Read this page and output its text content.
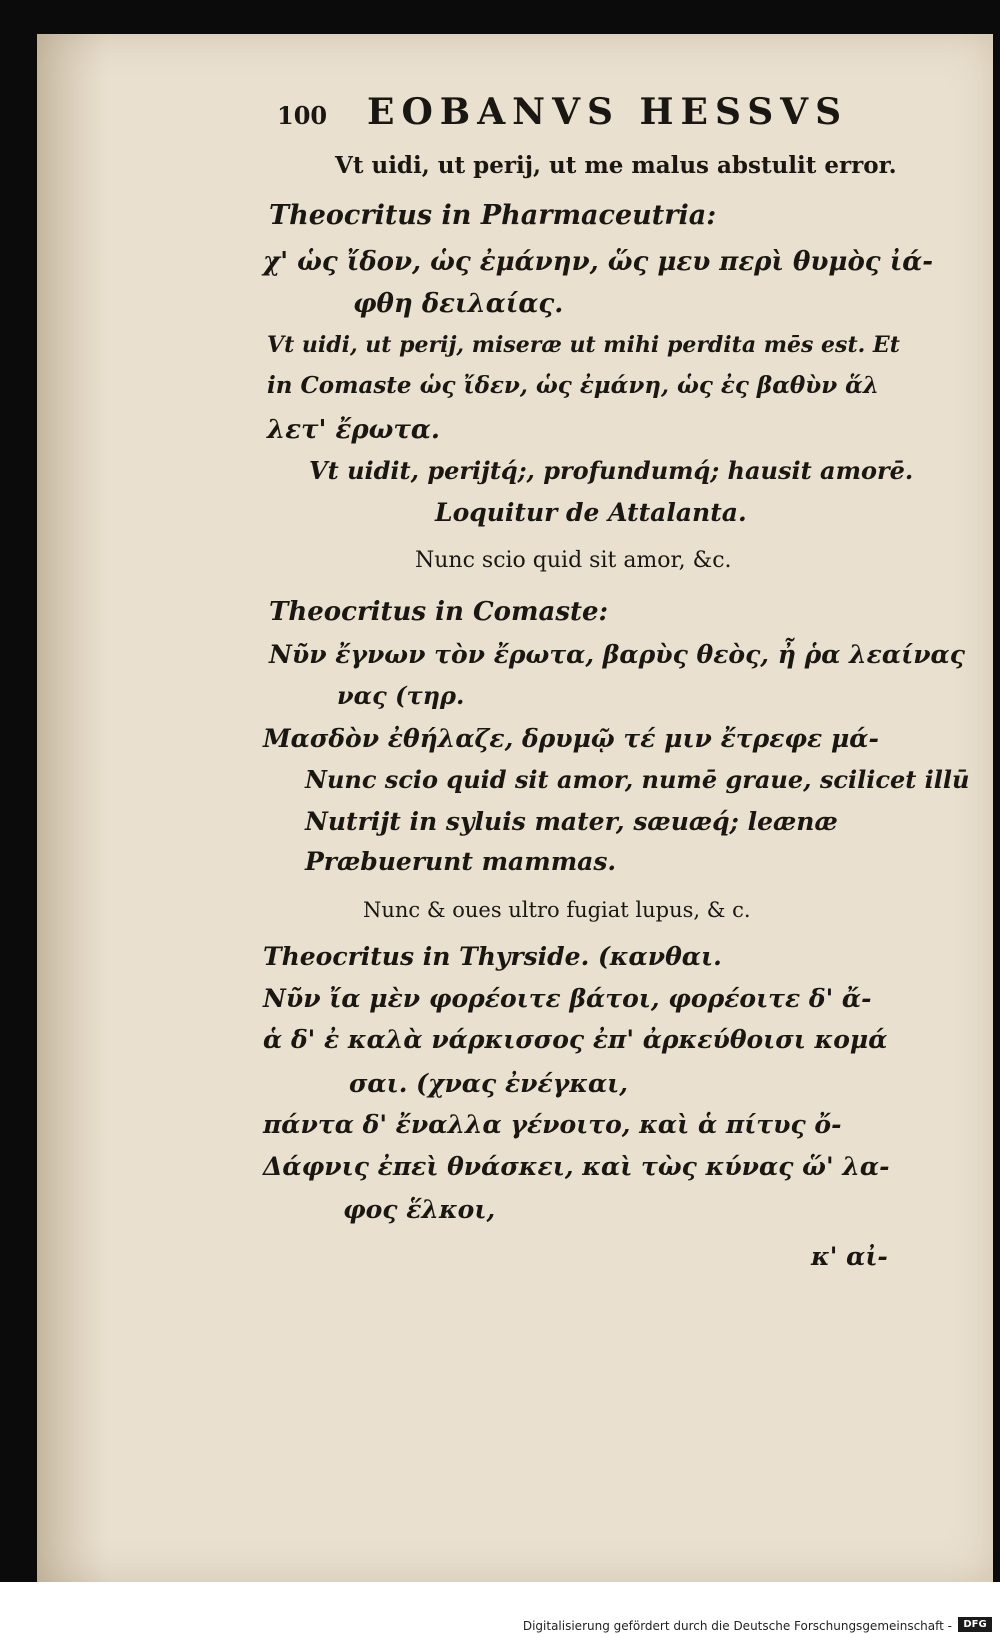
100 EOBANVS HESSVS
Vt uidi, ut perij, ut me malus abstulit error.
Theocritus in Pharmaceutria:
χ' ὡς ἴδον, ὡς ἐμάνην, ὥς μευ περὶ θυμὸς ἰά-
φθη δειλαίας.
Vt uidi, ut perij, miseræ ut mihi perdita mēs est. Et
in Comaste ὡς ἴδεν, ὡς ἐμάνη, ὡς ἐς βαθὺν ἅλ
λετ' ἔρωτα.
Vt uidit, perijtq́;, profundumq́; hausit amorē.
Loquitur de Attalanta.
Nunc scio quid sit amor, &c.
Theocritus in Comaste:
Νῦν ἔγνων τὸν ἔρωτα, βαρὺς θεὸς, ἦ ῥα λεαίνας
νας (τηρ.
Μασδὸν ἐθήλαζε, δρυμῷ τέ μιν ἔτρεφε μά-
Nunc scio quid sit amor, numē graue, scilicet illū
Nutrijt in syluis mater, sæuæq́; leænæ
Præbuerunt mammas.
Nunc & oues ultro fugiat lupus, & c.
Theocritus in Thyrside. (κανθαι.
Νῦν ἴα μὲν φορέοιτε βάτοι, φορέοιτε δ' ἄ-
ἁ δ' ἐ καλὰ νάρκισσος ἐπ' ἀρκεύθοισι κομά
σαι. (χνας ἐνέγκαι,
πάντα δ' ἔναλλα γένοιτο, καὶ ἁ πίτυς ὄ-
Δάφνις ἐπεὶ θνάσκει, καὶ τὼς κύνας ὥ' λα-
φος ἕλκοι,
κ' αἰ-
Digitalisierung gefördert durch die Deutsche Forschungsgemeinschaft -	DFG
